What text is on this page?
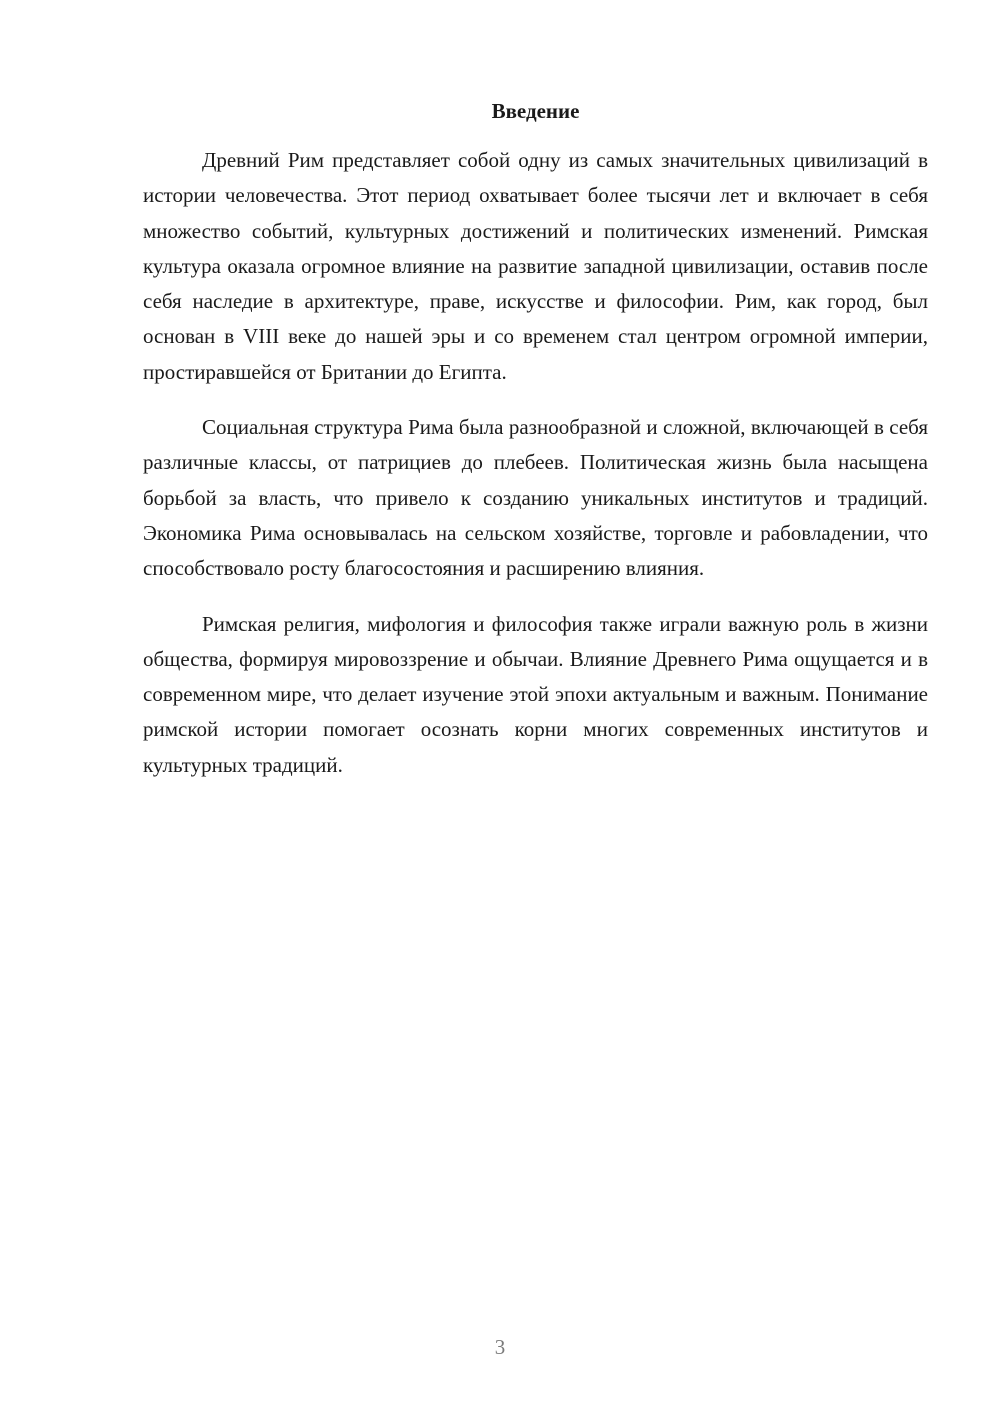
Введение

Древний Рим представляет собой одну из самых значительных цивилизаций в истории человечества. Этот период охватывает более тысячи лет и включает в себя множество событий, культурных достижений и политических изменений. Римская культура оказала огромное влияние на развитие западной цивилизации, оставив после себя наследие в архитектуре, праве, искусстве и философии. Рим, как город, был основан в VIII веке до нашей эры и со временем стал центром огромной империи, простиравшейся от Британии до Египта.

Социальная структура Рима была разнообразной и сложной, включающей в себя различные классы, от патрициев до плебеев. Политическая жизнь была насыщена борьбой за власть, что привело к созданию уникальных институтов и традиций. Экономика Рима основывалась на сельском хозяйстве, торговле и рабовладении, что способствовало росту благосостояния и расширению влияния.

Римская религия, мифология и философия также играли важную роль в жизни общества, формируя мировоззрение и обычаи. Влияние Древнего Рима ощущается и в современном мире, что делает изучение этой эпохи актуальным и важным. Понимание римской истории помогает осознать корни многих современных институтов и культурных традиций.

3
